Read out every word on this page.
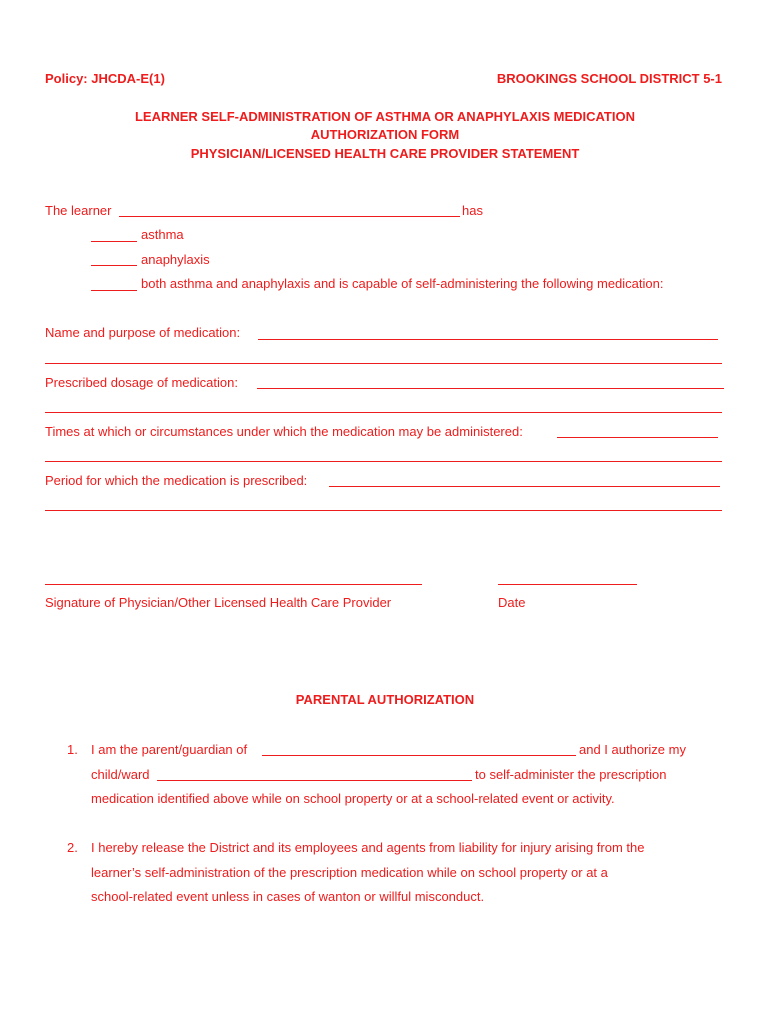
Policy: JHCDA-E(1)	BROOKINGS SCHOOL DISTRICT 5-1
LEARNER SELF-ADMINISTRATION OF ASTHMA OR ANAPHYLAXIS MEDICATION
AUTHORIZATION FORM
PHYSICIAN/LICENSED HEALTH CARE PROVIDER STATEMENT
The learner	has
asthma
anaphylaxis
both asthma and anaphylaxis and is capable of self-administering the following medication:
Name and purpose of medication:
Prescribed dosage of medication:
Times at which or circumstances under which the medication may be administered:
Period for which the medication is prescribed:
Signature of Physician/Other Licensed Health Care Provider	Date
PARENTAL AUTHORIZATION
1. I am the parent/guardian of	and I authorize my
child/ward	to self-administer the prescription
medication identified above while on school property or at a school-related event or activity.
2. I hereby release the District and its employees and agents from liability for injury arising from the
learner’s self-administration of the prescription medication while on school property or at a
school-related event unless in cases of wanton or willful misconduct.
